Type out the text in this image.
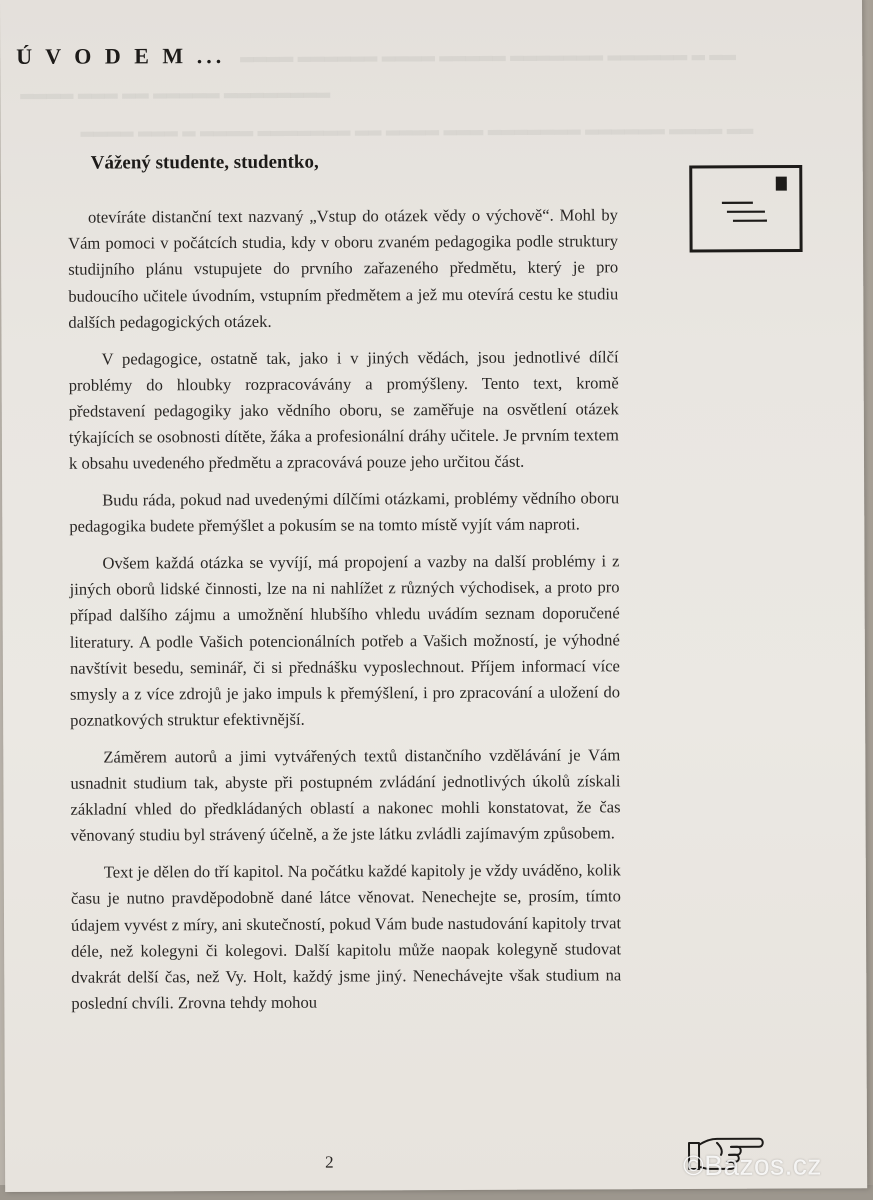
▂▂▂▂ ▂▂▂▂▂▂ ▂▂▂▂ ▂▂▂▂▂ ▂▂▂▂▂▂▂ ▂▂▂▂▂▂ ▂ ▂▂
▂▂▂▂ ▂▂▂ ▂▂ ▂▂▂▂▂ ▂▂▂▂▂▂▂▂
▂▂▂▂ ▂▂▂ ▂ ▂▂▂▂ ▂▂▂▂▂▂▂ ▂▂ ▂▂▂▂ ▂▂▂ ▂▂▂▂▂▂▂ ▂▂▂▂▂▂ ▂▂▂▂ ▂▂
Ú V O D E M ...
Vážený studente, studentko,

otevíráte distanční text nazvaný „Vstup do otázek vědy o výchově“. Mohl by Vám pomoci v počátcích studia, kdy v oboru zvaném pedagogika podle struktury studijního plánu vstupujete do prvního zařazeného předmětu, který je pro budoucího učitele úvodním, vstupním předmětem a jež mu otevírá cestu ke studiu dalších pedagogických otázek.

V pedagogice, ostatně tak, jako i v jiných vědách, jsou jednotlivé dílčí problémy do hloubky rozpracovávány a promýšleny. Tento text, kromě představení pedagogiky jako vědního oboru, se zaměřuje na osvětlení otázek týkajících se osobnosti dítěte, žáka a profesionální dráhy učitele. Je prvním textem k obsahu uvedeného předmětu a zpracovává pouze jeho určitou část.

Budu ráda, pokud nad uvedenými dílčími otázkami, problémy vědního oboru pedagogika budete přemýšlet a pokusím se na tomto místě vyjít vám naproti.

Ovšem každá otázka se vyvíjí, má propojení a vazby na další problémy i z jiných oborů lidské činnosti, lze na ni nahlížet z různých východisek, a proto pro případ dalšího zájmu a umožnění hlubšího vhledu uvádím seznam doporučené literatury. A podle Vašich potencionálních potřeb a Vašich možností, je výhodné navštívit besedu, seminář, či si přednášku vyposlechnout. Příjem informací více smysly a z více zdrojů je jako impuls k přemýšlení, i pro zpracování a uložení do poznatkových struktur efektivnější.

Záměrem autorů a jimi vytvářených textů distančního vzdělávání je Vám usnadnit studium tak, abyste při postupném zvládání jednotlivých úkolů získali základní vhled do předkládaných oblastí a nakonec mohli konstatovat, že čas věnovaný studiu byl strávený účelně, a že jste látku zvládli zajímavým způsobem.

Text je dělen do tří kapitol. Na počátku každé kapitoly je vždy uváděno, kolik času je nutno pravděpodobně dané látce věnovat. Nenechejte se, prosím, tímto údajem vyvést z míry, ani skutečností, pokud Vám bude nastudování kapitoly trvat déle, než kolegyni či kolegovi. Další kapitolu může naopak kolegyně studovat dvakrát delší čas, než Vy. Holt, každý jsme jiný. Nenechávejte však studium na poslední chvíli. Zrovna tehdy mohou

2	©Bazos.cz
